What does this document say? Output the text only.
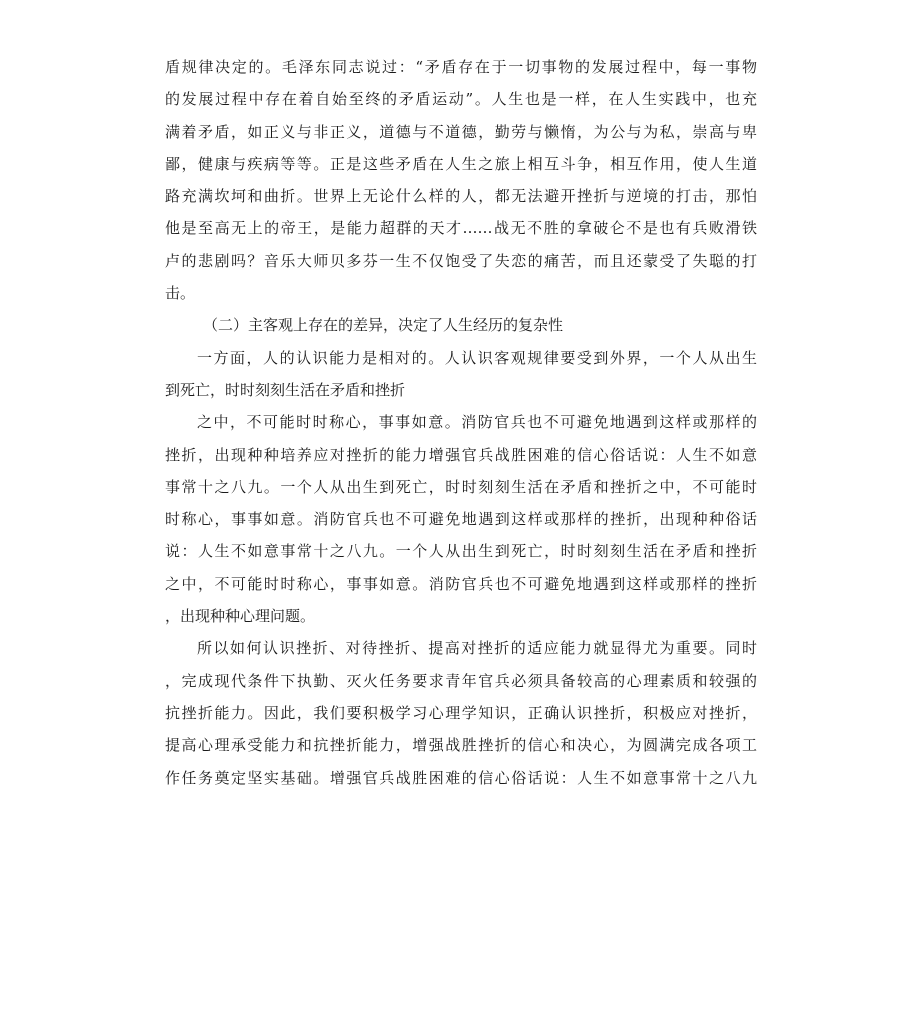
盾规律决定的。毛泽东同志说过：“矛盾存在于一切事物的发展过程中，每一事物
的发展过程中存在着自始至终的矛盾运动”。人生也是一样，在人生实践中，也充
满着矛盾，如正义与非正义，道德与不道德，勤劳与懒惰，为公与为私，崇高与卑
鄙，健康与疾病等等。正是这些矛盾在人生之旅上相互斗争，相互作用，使人生道
路充满坎坷和曲折。世界上无论什么样的人，都无法避开挫折与逆境的打击，那怕
他是至高无上的帝王，是能力超群的天才……战无不胜的拿破仑不是也有兵败滑铁
卢的悲剧吗？音乐大师贝多芬一生不仅饱受了失恋的痛苦，而且还蒙受了失聪的打
击。
（二）主客观上存在的差异，决定了人生经历的复杂性
一方面，人的认识能力是相对的。人认识客观规律要受到外界，一个人从出生
到死亡，时时刻刻生活在矛盾和挫折
之中，不可能时时称心，事事如意。消防官兵也不可避免地遇到这样或那样的
挫折，出现种种培养应对挫折的能力增强官兵战胜困难的信心俗话说：人生不如意
事常十之八九。一个人从出生到死亡，时时刻刻生活在矛盾和挫折之中，不可能时
时称心，事事如意。消防官兵也不可避免地遇到这样或那样的挫折，出现种种俗话
说：人生不如意事常十之八九。一个人从出生到死亡，时时刻刻生活在矛盾和挫折
之中，不可能时时称心，事事如意。消防官兵也不可避免地遇到这样或那样的挫折
，出现种种心理问题。
所以如何认识挫折、对待挫折、提高对挫折的适应能力就显得尤为重要。同时
，完成现代条件下执勤、灭火任务要求青年官兵必须具备较高的心理素质和较强的
抗挫折能力。因此，我们要积极学习心理学知识，正确认识挫折，积极应对挫折，
提高心理承受能力和抗挫折能力，增强战胜挫折的信心和决心，为圆满完成各项工
作任务奠定坚实基础。增强官兵战胜困难的信心俗话说：人生不如意事常十之八九
